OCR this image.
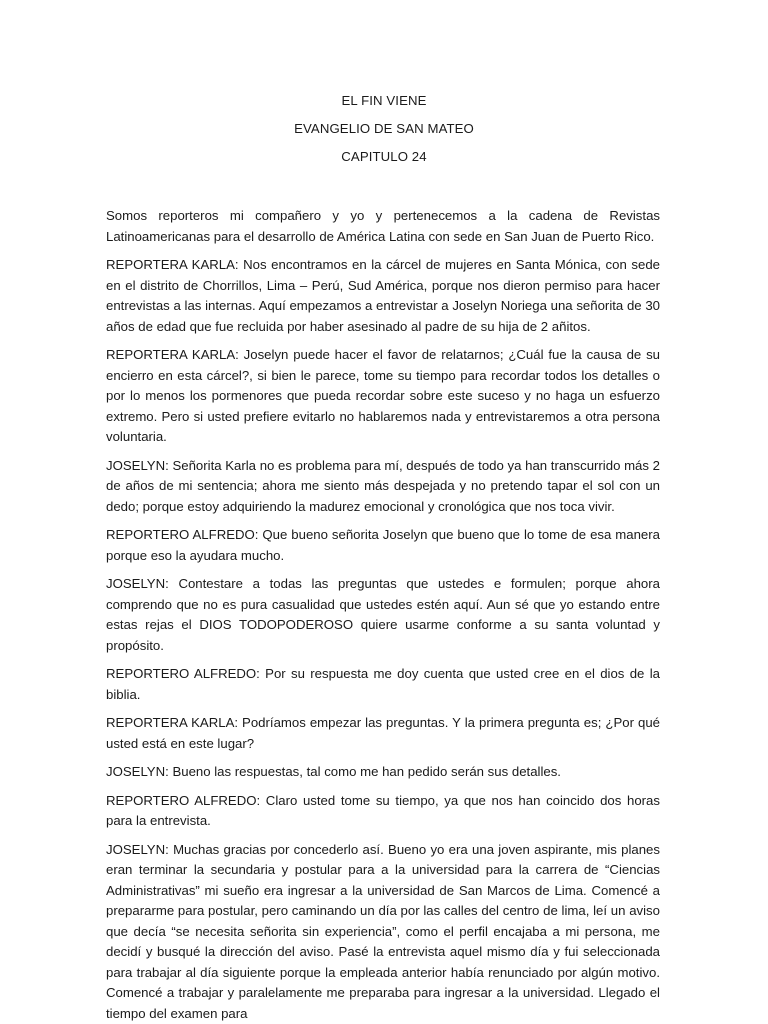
EL FIN VIENE
EVANGELIO DE SAN MATEO
CAPITULO 24

Somos reporteros mi compañero y yo y pertenecemos a la cadena de Revistas Latinoamericanas para el desarrollo de América Latina con sede en San Juan de Puerto Rico.

REPORTERA KARLA: Nos encontramos en la cárcel de mujeres en Santa Mónica, con sede en el distrito de Chorrillos, Lima – Perú, Sud América, porque nos dieron permiso para hacer entrevistas a las internas. Aquí empezamos a entrevistar a Joselyn Noriega una señorita de 30 años de edad que fue recluida por haber asesinado al padre de su hija de 2 añitos.

REPORTERA KARLA: Joselyn puede hacer el favor de relatarnos; ¿Cuál fue la causa de su encierro en esta cárcel?, si bien le parece, tome su tiempo para recordar todos los detalles o por lo menos los pormenores que pueda recordar sobre este suceso y no haga un esfuerzo extremo. Pero si usted prefiere evitarlo no hablaremos nada y entrevistaremos a otra persona voluntaria.

JOSELYN: Señorita Karla no es problema para mí, después de todo ya han transcurrido más 2 de años de mi sentencia; ahora me siento más despejada y no pretendo tapar el sol con un dedo; porque estoy adquiriendo la madurez emocional y cronológica que nos toca vivir.

REPORTERO ALFREDO: Que bueno señorita Joselyn que bueno que lo tome de esa manera porque eso la ayudara mucho.

JOSELYN: Contestare a todas las preguntas que ustedes e formulen; porque ahora comprendo que no es pura casualidad que ustedes estén aquí. Aun sé que yo estando entre estas rejas el DIOS TODOPODEROSO quiere usarme conforme a su santa voluntad y propósito.

REPORTERO ALFREDO: Por su respuesta me doy cuenta que usted cree en el dios de la biblia.

REPORTERA KARLA: Podríamos empezar las preguntas. Y la primera pregunta es; ¿Por qué usted está en este lugar?

JOSELYN: Bueno las respuestas, tal como me han pedido serán sus detalles.

REPORTERO ALFREDO: Claro usted tome su tiempo, ya que nos han coincido dos horas para la entrevista.

JOSELYN: Muchas gracias por concederlo así. Bueno yo era una joven aspirante, mis planes eran terminar la secundaria y postular para a la universidad para la carrera de “Ciencias Administrativas” mi sueño era ingresar a la universidad de San Marcos de Lima. Comencé a prepararme para postular, pero caminando un día por las calles del centro de lima, leí un aviso que decía “se necesita señorita sin experiencia”, como el perfil encajaba a mi persona, me decidí y busqué la dirección del aviso. Pasé la entrevista aquel mismo día y fui seleccionada para trabajar al día siguiente porque la empleada anterior había renunciado por algún motivo. Comencé a trabajar y paralelamente me preparaba para ingresar a la universidad. Llegado el tiempo del examen para
